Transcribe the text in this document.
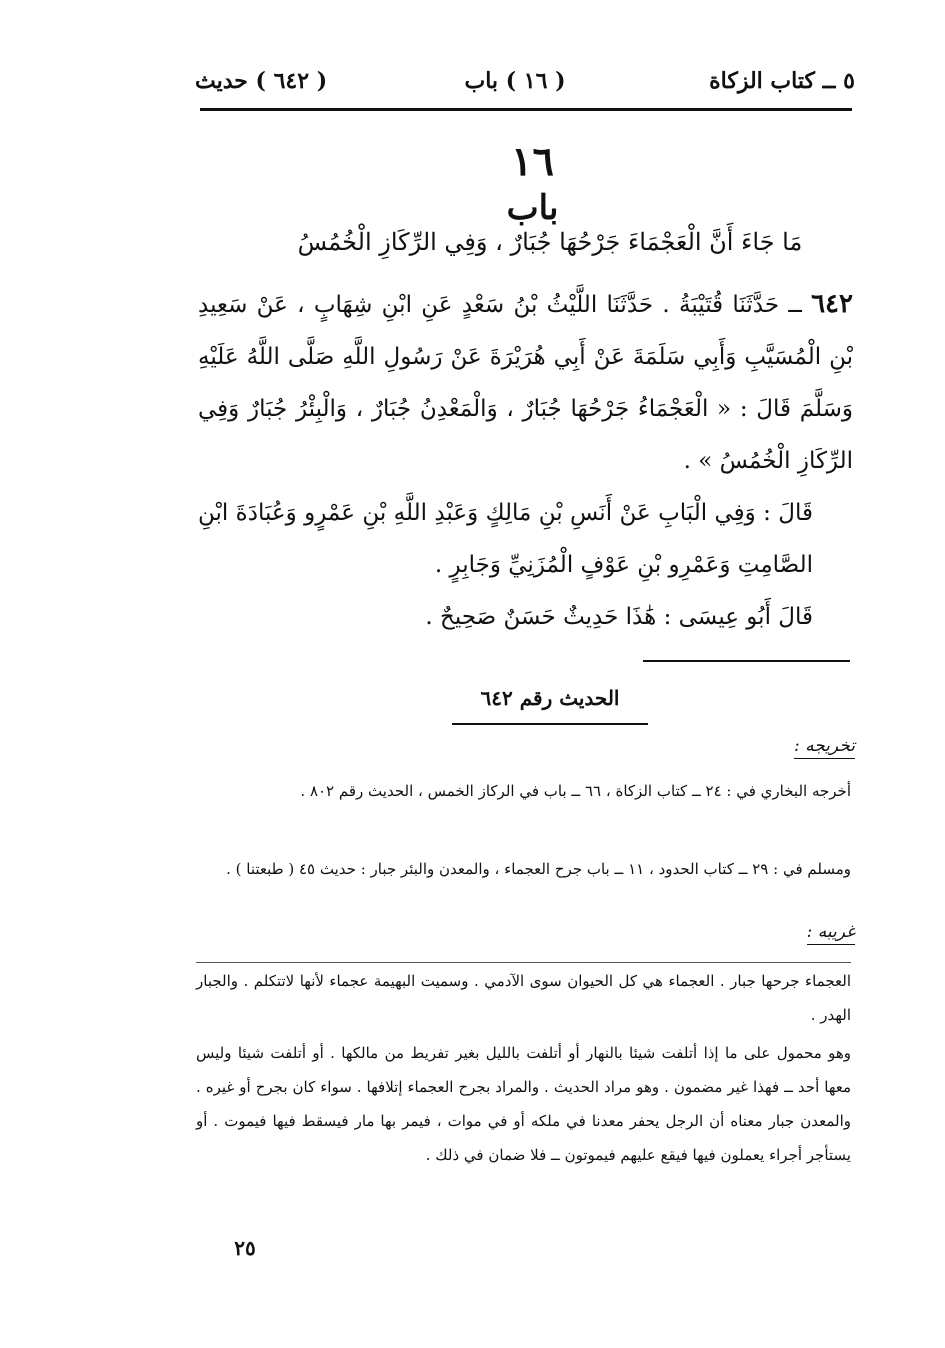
٥ ــ كتاب الزكاة
( ١٦ ) باب
( ٦٤٢ ) حديث
١٦
باب
مَا جَاءَ أَنَّ الْعَجْمَاءَ جَرْحُهَا جُبَارٌ ، وَفِي الرِّكَازِ الْخُمُسُ

٦٤٢ ــ حَدَّثَنَا قُتَيْبَةُ . حَدَّثَنَا اللَّيْثُ بْنُ سَعْدٍ عَنِ ابْنِ شِهَابٍ ، عَنْ سَعِيدِ بْنِ الْمُسَيَّبِ وَأَبِي سَلَمَةَ عَنْ أَبِي هُرَيْرَةَ عَنْ رَسُولِ اللَّهِ صَلَّى اللَّهُ عَلَيْهِ وَسَلَّمَ قَالَ : « الْعَجْمَاءُ جَرْحُهَا جُبَارٌ ، وَالْمَعْدِنُ جُبَارٌ ، وَالْبِئْرُ جُبَارٌ وَفِي الرِّكَازِ الْخُمُسُ » .

قَالَ : وَفِي الْبَابِ عَنْ أَنَسِ بْنِ مَالِكٍ وَعَبْدِ اللَّهِ بْنِ عَمْرٍو وَعُبَادَةَ ابْنِ الصَّامِتِ وَعَمْرِو بْنِ عَوْفٍ الْمُزَنِيِّ وَجَابِرٍ .

قَالَ أَبُو عِيسَى : هَٰذَا حَدِيثٌ حَسَنٌ صَحِيحٌ .

الحديث رقم ٦٤٢
تخريجه :

أخرجه البخاري في : ٢٤ ــ كتاب الزكاة ، ٦٦ ــ باب في الركاز الخمس ، الحديث رقم ٨٠٢ .

ومسلم في : ٢٩ ــ كتاب الحدود ، ١١ ــ باب جرح العجماء ، والمعدن والبئر جبار : حديث ٤٥ ( طبعتنا ) .

غريبه :

العجماء جرحها جبار . العجماء هي كل الحيوان سوى الآدمي . وسميت البهيمة عجماء لأنها لاتتكلم . والجبار الهدر .

وهو محمول على ما إذا أتلفت شيئا بالنهار أو أتلفت بالليل بغير تفريط من مالكها . أو أتلفت شيئا وليس معها أحد ــ فهذا غير مضمون . وهو مراد الحديث . والمراد بجرح العجماء إتلافها . سواء كان بجرح أو غيره . والمعدن جبار معناه أن الرجل يحفر معدنا في ملكه أو في موات ، فيمر بها مار فيسقط فيها فيموت . أو يستأجر أجراء يعملون فيها فيقع عليهم فيموتون ــ فلا ضمان في ذلك .

٢٥
